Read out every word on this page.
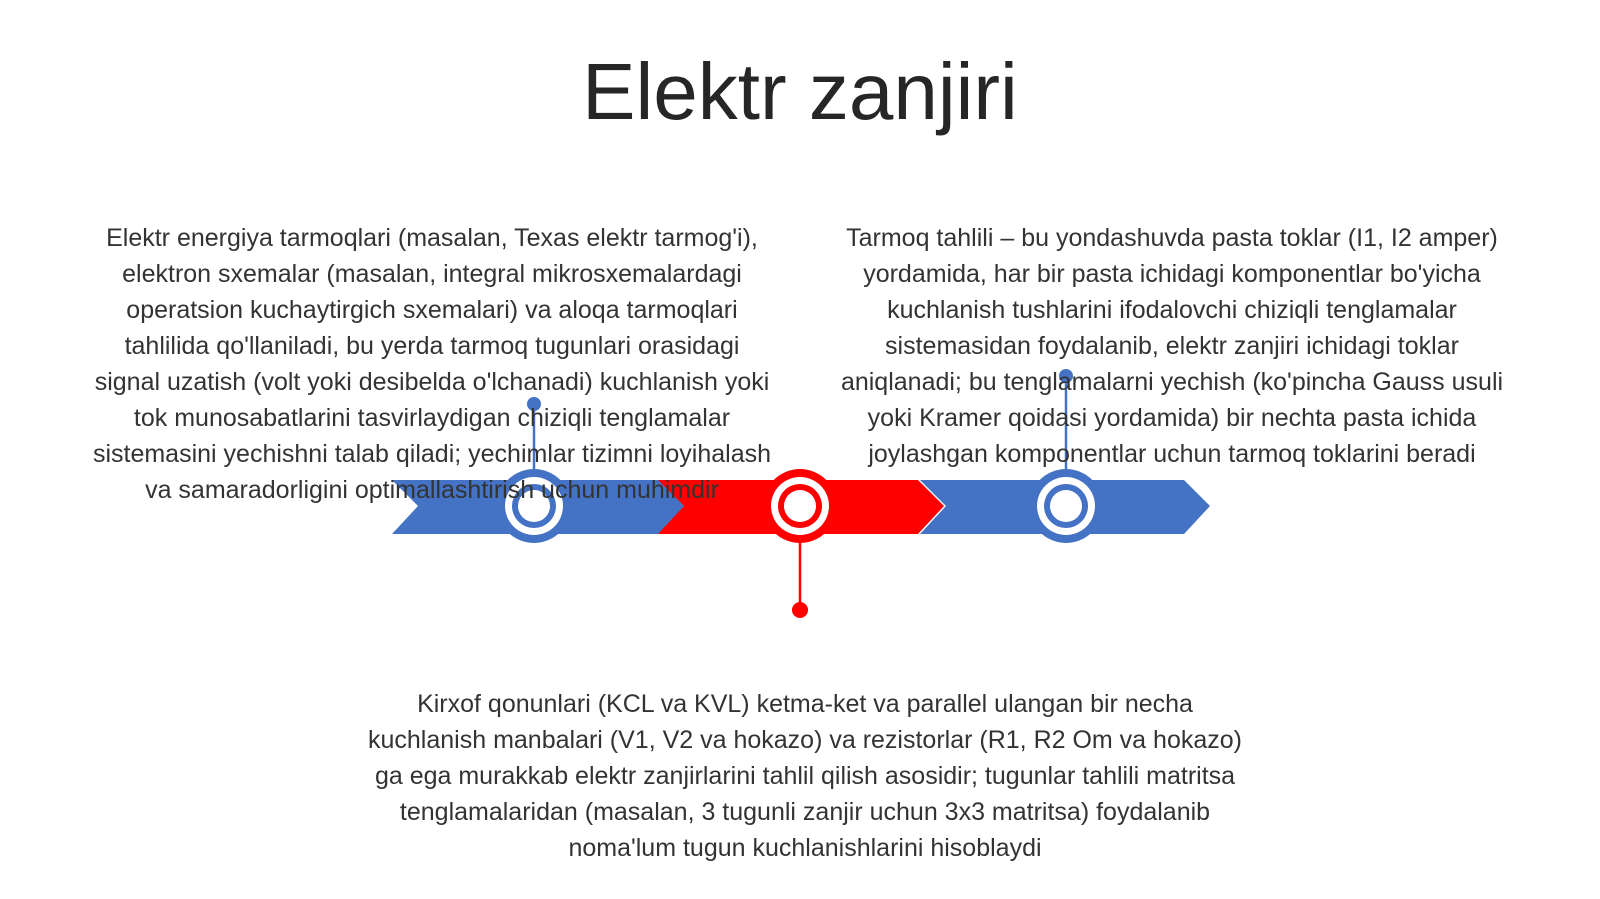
Elektr zanjiri

Elektr energiya tarmoqlari (masalan, Texas elektr tarmog'i), elektron sxemalar (masalan, integral mikrosxemalardagi operatsion kuchaytirgich sxemalari) va aloqa tarmoqlari tahlilida qo'llaniladi, bu yerda tarmoq tugunlari orasidagi signal uzatish (volt yoki desibelda o'lchanadi) kuchlanish yoki tok munosabatlarini tasvirlaydigan chiziqli tenglamalar sistemasini yechishni talab qiladi; yechimlar tizimni loyihalash va samaradorligini optimallashtirish uchun muhimdir

Tarmoq tahlili – bu yondashuvda pasta toklar (I1, I2 amper) yordamida, har bir pasta ichidagi komponentlar bo'yicha kuchlanish tushlarini ifodalovchi chiziqli tenglamalar sistemasidan foydalanib, elektr zanjiri ichidagi toklar aniqlanadi; bu tenglamalarni yechish (ko'pincha Gauss usuli yoki Kramer qoidasi yordamida) bir nechta pasta ichida joylashgan komponentlar uchun tarmoq toklarini beradi

Kirxof qonunlari (KCL va KVL) ketma-ket va parallel ulangan bir necha kuchlanish manbalari (V1, V2 va hokazo) va rezistorlar (R1, R2 Om va hokazo) ga ega murakkab elektr zanjirlarini tahlil qilish asosidir; tugunlar tahlili matritsa tenglamalaridan (masalan, 3 tugunli zanjir uchun 3x3 matritsa) foydalanib noma'lum tugun kuchlanishlarini hisoblaydi
